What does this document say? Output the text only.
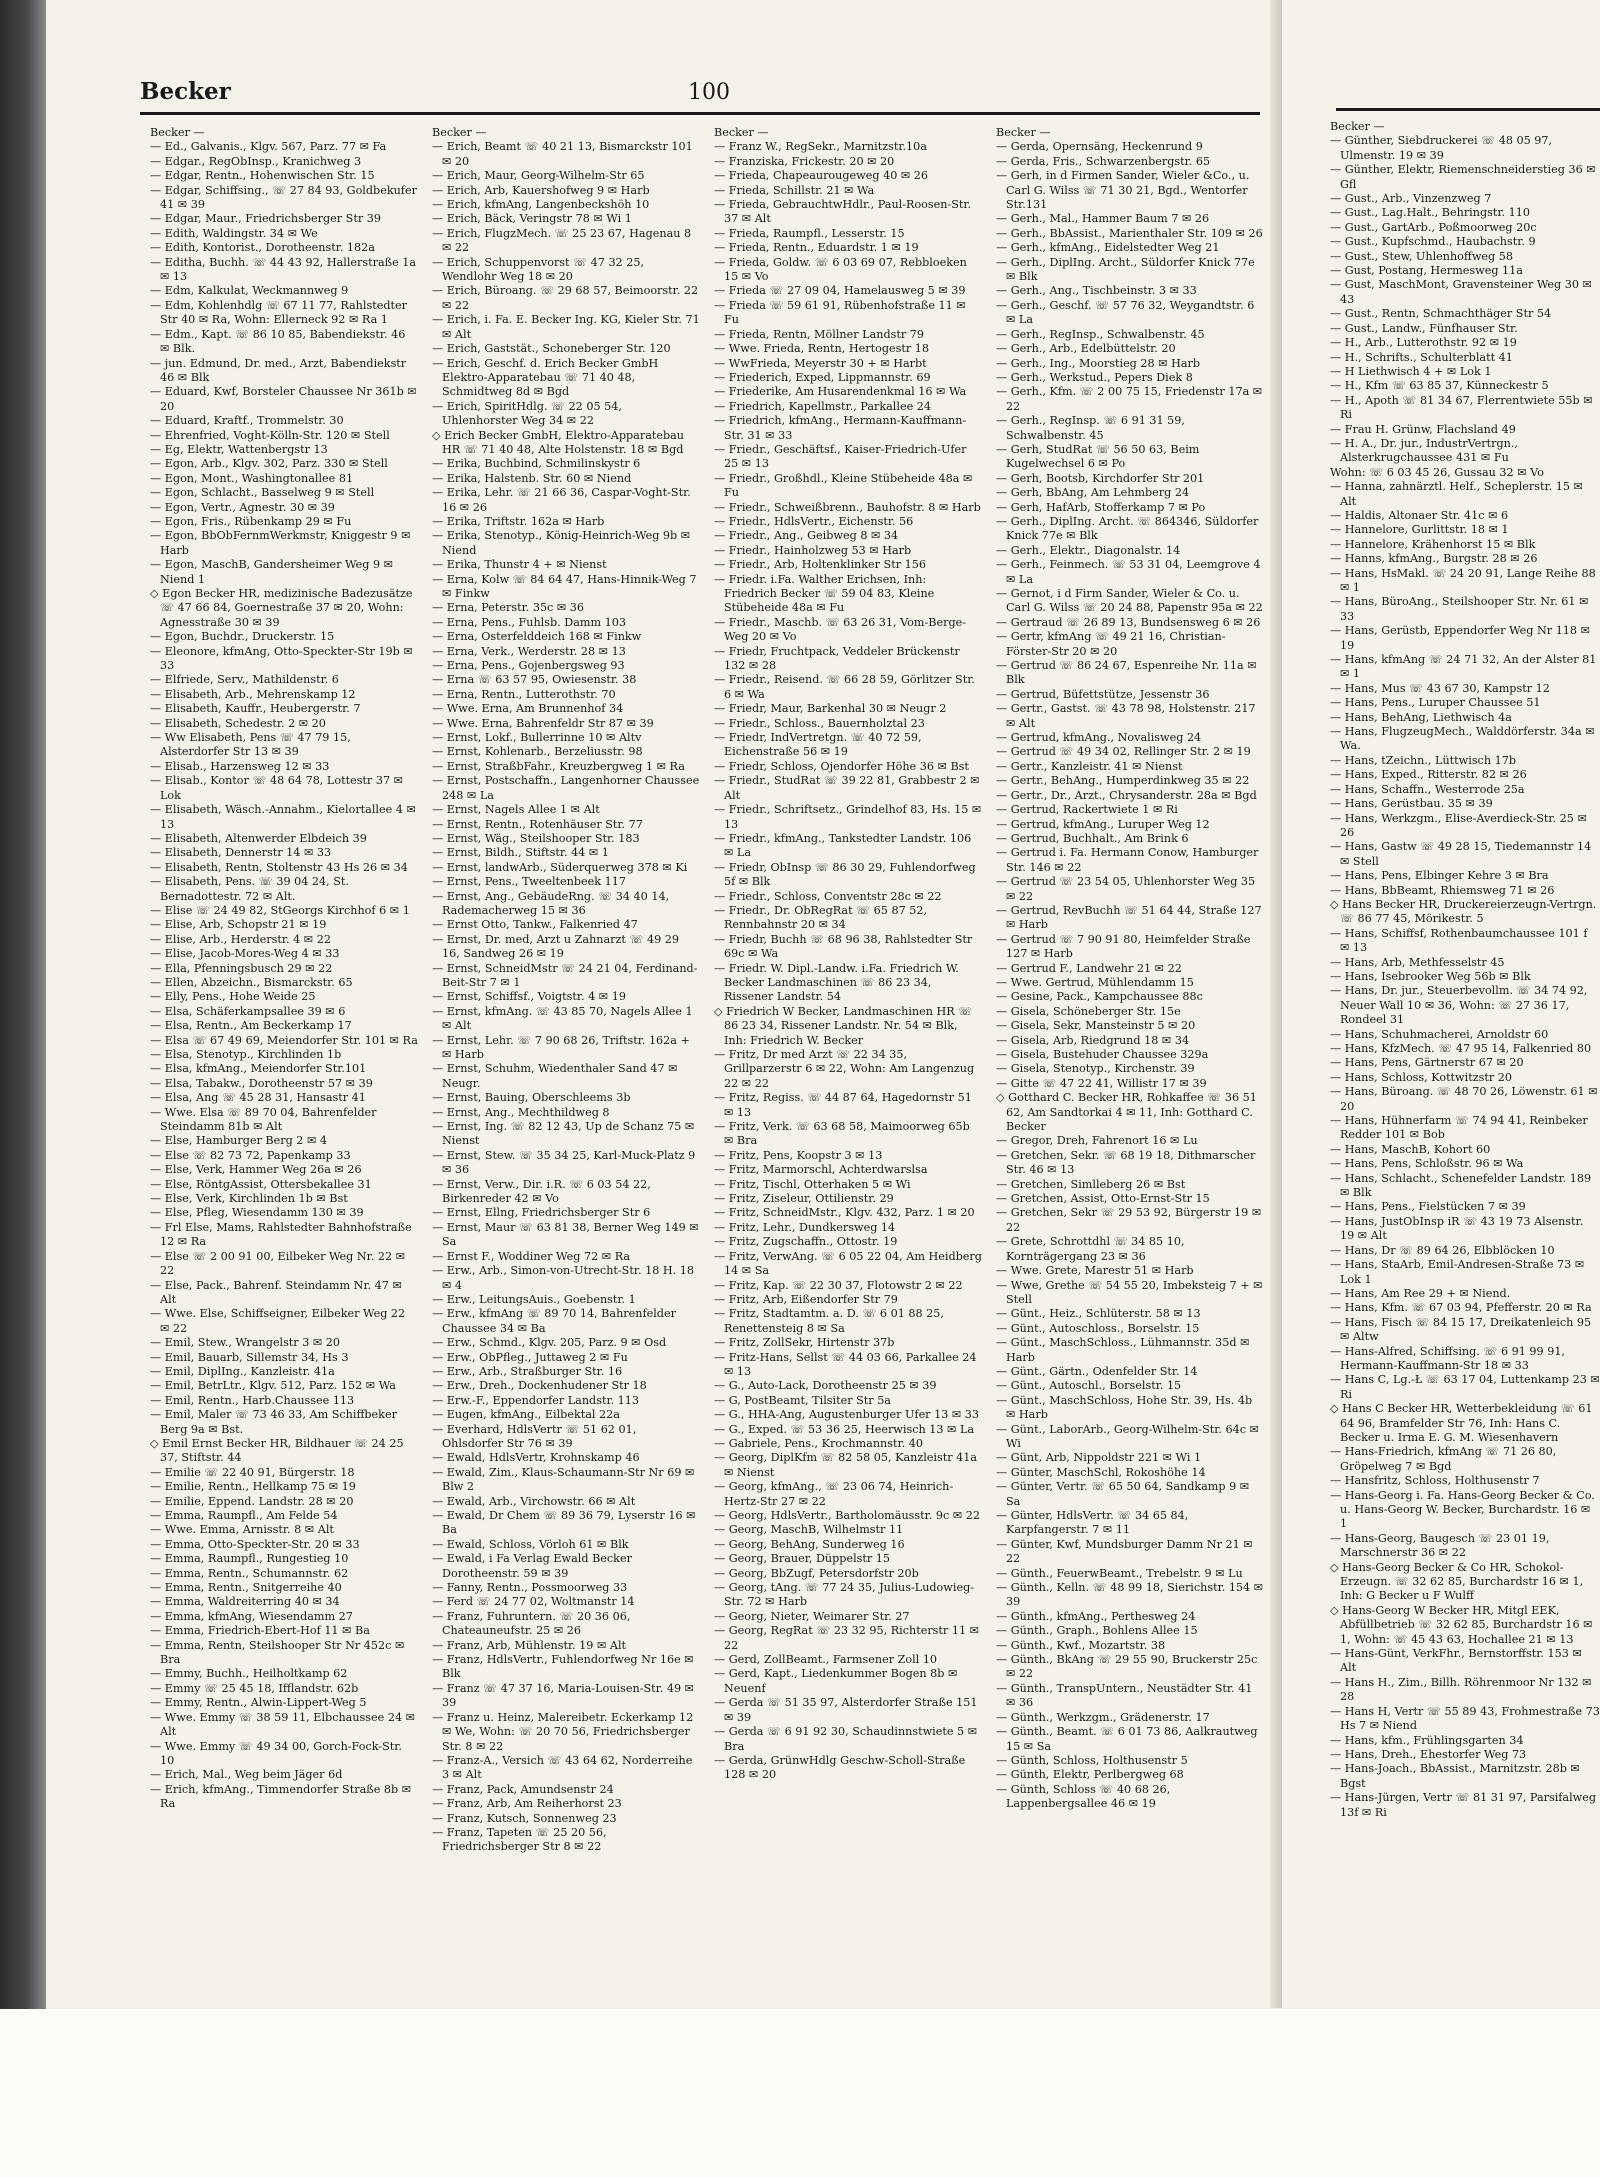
Becker	100
Becker —
— Ed., Galvanis., Klgv. 567, Parz. 77 ✉ Fa
— Edgar., RegObInsp., Kranichweg 3
— Edgar, Rentn., Hohenwischen Str. 15
— Edgar, Schiffsing., ☏ 27 84 93, Goldbekufer 41 ✉ 39
— Edgar, Maur., Friedrichsberger Str 39
— Edith, Waldingstr. 34 ✉ We
— Edith, Kontorist., Dorotheenstr. 182a
— Editha, Buchh. ☏ 44 43 92, Hallerstraße 1a ✉ 13
— Edm, Kalkulat, Weckmannweg 9
— Edm, Kohlenhdlg ☏ 67 11 77, Rahlstedter Str 40 ✉ Ra, Wohn: Ellerneck 92 ✉ Ra 1
— Edm., Kapt. ☏ 86 10 85, Babendiekstr. 46 ✉ Blk.
— jun. Edmund, Dr. med., Arzt, Babendiekstr 46 ✉ Blk
— Eduard, Kwf, Borsteler Chaussee Nr 361b ✉ 20
— Eduard, Kraftf., Trommelstr. 30
— Ehrenfried, Voght-Kölln-Str. 120 ✉ Stell
— Eg, Elektr, Wattenbergstr 13
— Egon, Arb., Klgv. 302, Parz. 330 ✉ Stell
— Egon, Mont., Washingtonallee 81
— Egon, Schlacht., Basselweg 9 ✉ Stell
— Egon, Vertr., Agnestr. 30 ✉ 39
— Egon, Fris., Rübenkamp 29 ✉ Fu
— Egon, BbObFernmWerkmstr, Kniggestr 9 ✉ Harb
— Egon, MaschB, Gandersheimer Weg 9 ✉ Niend 1
◇ Egon Becker HR, medizinische Badezusätze ☏ 47 66 84, Goernestraße 37 ✉ 20, Wohn: Agnesstraße 30 ✉ 39
— Egon, Buchdr., Druckerstr. 15
— Eleonore, kfmAng, Otto-Speckter-Str 19b ✉ 33
— Elfriede, Serv., Mathildenstr. 6
— Elisabeth, Arb., Mehrenskamp 12
— Elisabeth, Kauffr., Heubergerstr. 7
— Elisabeth, Schedestr. 2 ✉ 20
— Ww Elisabeth, Pens ☏ 47 79 15, Alsterdorfer Str 13 ✉ 39
— Elisab., Harzensweg 12 ✉ 33
— Elisab., Kontor ☏ 48 64 78, Lottestr 37 ✉ Lok
— Elisabeth, Wäsch.-Annahm., Kielortallee 4 ✉ 13
— Elisabeth, Altenwerder Elbdeich 39
— Elisabeth, Dennerstr 14 ✉ 33
— Elisabeth, Rentn, Stoltenstr 43 Hs 26 ✉ 34
— Elisabeth, Pens. ☏ 39 04 24, St. Bernadottestr. 72 ✉ Alt.
— Elise ☏ 24 49 82, StGeorgs Kirchhof 6 ✉ 1
— Elise, Arb, Schopstr 21 ✉ 19
— Elise, Arb., Herderstr. 4 ✉ 22
— Elise, Jacob-Mores-Weg 4 ✉ 33
— Ella, Pfenningsbusch 29 ✉ 22
— Ellen, Abzeichn., Bismarckstr. 65
— Elly, Pens., Hohe Weide 25
— Elsa, Schäferkampsallee 39 ✉ 6
— Elsa, Rentn., Am Beckerkamp 17
— Elsa ☏ 67 49 69, Meiendorfer Str. 101 ✉ Ra
— Elsa, Stenotyp., Kirchlinden 1b
— Elsa, kfmAng., Meiendorfer Str.101
— Elsa, Tabakw., Dorotheenstr 57 ✉ 39
— Elsa, Ang ☏ 45 28 31, Hansastr 41
— Wwe. Elsa ☏ 89 70 04, Bahrenfelder Steindamm 81b ✉ Alt
— Else, Hamburger Berg 2 ✉ 4
— Else ☏ 82 73 72, Papenkamp 33
— Else, Verk, Hammer Weg 26a ✉ 26
— Else, RöntgAssist, Ottersbekallee 31
— Else, Verk, Kirchlinden 1b ✉ Bst
— Else, Pfleg, Wiesendamm 130 ✉ 39
— Frl Else, Mams, Rahlstedter Bahnhofstraße 12 ✉ Ra
— Else ☏ 2 00 91 00, Eilbeker Weg Nr. 22 ✉ 22
— Else, Pack., Bahrenf. Steindamm Nr. 47 ✉ Alt
— Wwe. Else, Schiffseigner, Eilbeker Weg 22 ✉ 22
— Emil, Stew., Wrangelstr 3 ✉ 20
— Emil, Bauarb, Sillemstr 34, Hs 3
— Emil, DiplIng., Kanzleistr. 41a
— Emil, BetrLtr., Klgv. 512, Parz. 152 ✉ Wa
— Emil, Rentn., Harb.Chaussee 113
— Emil, Maler ☏ 73 46 33, Am Schiffbeker Berg 9a ✉ Bst.
◇ Emil Ernst Becker HR, Bildhauer ☏ 24 25 37, Stiftstr. 44
— Emilie ☏ 22 40 91, Bürgerstr. 18
— Emilie, Rentn., Hellkamp 75 ✉ 19
— Emilie, Eppend. Landstr. 28 ✉ 20
— Emma, Raumpfl., Am Felde 54
— Wwe. Emma, Arnisstr. 8 ✉ Alt
— Emma, Otto-Speckter-Str. 20 ✉ 33
— Emma, Raumpfl., Rungestieg 10
— Emma, Rentn., Schumannstr. 62
— Emma, Rentn., Snitgerreihe 40
— Emma, Waldreiterring 40 ✉ 34
— Emma, kfmAng, Wiesendamm 27
— Emma, Friedrich-Ebert-Hof 11 ✉ Ba
— Emma, Rentn, Steilshooper Str Nr 452c ✉ Bra
— Emmy, Buchh., Heilholtkamp 62
— Emmy ☏ 25 45 18, Ifflandstr. 62b
— Emmy, Rentn., Alwin-Lippert-Weg 5
— Wwe. Emmy ☏ 38 59 11, Elbchaussee 24 ✉ Alt
— Wwe. Emmy ☏ 49 34 00, Gorch-Fock-Str. 10
— Erich, Mal., Weg beim Jäger 6d
— Erich, kfmAng., Timmendorfer Straße 8b ✉ Ra
Becker —
— Erich, Beamt ☏ 40 21 13, Bismarckstr 101 ✉ 20
— Erich, Maur, Georg-Wilhelm-Str 65
— Erich, Arb, Kauershofweg 9 ✉ Harb
— Erich, kfmAng, Langenbeckshöh 10
— Erich, Bäck, Veringstr 78 ✉ Wi 1
— Erich, FlugzMech. ☏ 25 23 67, Hagenau 8 ✉ 22
— Erich, Schuppenvorst ☏ 47 32 25, Wendlohr Weg 18 ✉ 20
— Erich, Büroang. ☏ 29 68 57, Beimoorstr. 22 ✉ 22
— Erich, i. Fa. E. Becker Ing. KG, Kieler Str. 71 ✉ Alt
— Erich, Gaststät., Schoneberger Str. 120
— Erich, Geschf. d. Erich Becker GmbH Elektro-Apparatebau ☏ 71 40 48, Schmidtweg 8d ✉ Bgd
— Erich, SpiritHdlg. ☏ 22 05 54, Uhlenhorster Weg 34 ✉ 22
◇ Erich Becker GmbH, Elektro-Apparatebau HR ☏ 71 40 48, Alte Holstenstr. 18 ✉ Bgd
— Erika, Buchbind, Schmilinskystr 6
— Erika, Halstenb. Str. 60 ✉ Niend
— Erika, Lehr. ☏ 21 66 36, Caspar-Voght-Str. 16 ✉ 26
— Erika, Triftstr. 162a ✉ Harb
— Erika, Stenotyp., König-Heinrich-Weg 9b ✉ Niend
— Erika, Thunstr 4 + ✉ Nienst
— Erna, Kolw ☏ 84 64 47, Hans-Hinnik-Weg 7 ✉ Finkw
— Erna, Peterstr. 35c ✉ 36
— Erna, Pens., Fuhlsb. Damm 103
— Erna, Osterfelddeich 168 ✉ Finkw
— Erna, Verk., Werderstr. 28 ✉ 13
— Erna, Pens., Gojenbergsweg 93
— Erna ☏ 63 57 95, Owiesenstr. 38
— Erna, Rentn., Lutterothstr. 70
— Wwe. Erna, Am Brunnenhof 34
— Wwe. Erna, Bahrenfeldr Str 87 ✉ 39
— Ernst, Lokf., Bullerrinne 10 ✉ Altv
— Ernst, Kohlenarb., Berzeliusstr. 98
— Ernst, StraßbFahr., Kreuzbergweg 1 ✉ Ra
— Ernst, Postschaffn., Langenhorner Chaussee 248 ✉ La
— Ernst, Nagels Allee 1 ✉ Alt
— Ernst, Rentn., Rotenhäuser Str. 77
— Ernst, Wäg., Steilshooper Str. 183
— Ernst, Bildh., Stiftstr. 44 ✉ 1
— Ernst, landwArb., Süderquerweg 378 ✉ Ki
— Ernst, Pens., Tweeltenbeek 117
— Ernst, Ang., GebäudeRng. ☏ 34 40 14, Rademacherweg 15 ✉ 36
— Ernst Otto, Tankw., Falkenried 47
— Ernst, Dr. med, Arzt u Zahnarzt ☏ 49 29 16, Sandweg 26 ✉ 19
— Ernst, SchneidMstr ☏ 24 21 04, Ferdinand-Beit-Str 7 ✉ 1
— Ernst, Schiffsf., Voigtstr. 4 ✉ 19
— Ernst, kfmAng. ☏ 43 85 70, Nagels Allee 1 ✉ Alt
— Ernst, Lehr. ☏ 7 90 68 26, Triftstr. 162a + ✉ Harb
— Ernst, Schuhm, Wiedenthaler Sand 47 ✉ Neugr.
— Ernst, Bauing, Oberschleems 3b
— Ernst, Ang., Mechthildweg 8
— Ernst, Ing. ☏ 82 12 43, Up de Schanz 75 ✉ Nienst
— Ernst, Stew. ☏ 35 34 25, Karl-Muck-Platz 9 ✉ 36
— Ernst, Verw., Dir. i.R. ☏ 6 03 54 22, Birkenreder 42 ✉ Vo
— Ernst, Ellng, Friedrichsberger Str 6
— Ernst, Maur ☏ 63 81 38, Berner Weg 149 ✉ Sa
— Ernst F., Woddiner Weg 72 ✉ Ra
— Erw., Arb., Simon-von-Utrecht-Str. 18 H. 18 ✉ 4
— Erw., LeitungsAuis., Goebenstr. 1
— Erw., kfmAng ☏ 89 70 14, Bahrenfelder Chaussee 34 ✉ Ba
— Erw., Schmd., Klgv. 205, Parz. 9 ✉ Osd
— Erw., ObPfleg., Juttaweg 2 ✉ Fu
— Erw., Arb., Straßburger Str. 16
— Erw., Dreh., Dockenhudener Str 18
— Erw.-F., Eppendorfer Landstr. 113
— Eugen, kfmAng., Eilbektal 22a
— Everhard, HdlsVertr ☏ 51 62 01, Ohlsdorfer Str 76 ✉ 39
— Ewald, HdlsVertr, Krohnskamp 46
— Ewald, Zim., Klaus-Schaumann-Str Nr 69 ✉ Blw 2
— Ewald, Arb., Virchowstr. 66 ✉ Alt
— Ewald, Dr Chem ☏ 89 36 79, Lyserstr 16 ✉ Ba
— Ewald, Schloss, Vörloh 61 ✉ Blk
— Ewald, i Fa Verlag Ewald Becker Dorotheenstr. 59 ✉ 39
— Fanny, Rentn., Possmoorweg 33
— Ferd ☏ 24 77 02, Woltmanstr 14
— Franz, Fuhruntern. ☏ 20 36 06, Chateauneufstr. 25 ✉ 26
— Franz, Arb, Mühlenstr. 19 ✉ Alt
— Franz, HdlsVertr., Fuhlendorfweg Nr 16e ✉ Blk
— Franz ☏ 47 37 16, Maria-Louisen-Str. 49 ✉ 39
— Franz u. Heinz, Malereibetr. Eckerkamp 12 ✉ We, Wohn: ☏ 20 70 56, Friedrichsberger Str. 8 ✉ 22
— Franz-A., Versich ☏ 43 64 62, Norderreihe 3 ✉ Alt
— Franz, Pack, Amundsenstr 24
— Franz, Arb, Am Reiherhorst 23
— Franz, Kutsch, Sonnenweg 23
— Franz, Tapeten ☏ 25 20 56, Friedrichsberger Str 8 ✉ 22
Becker —
— Franz W., RegSekr., Marnitzstr.10a
— Franziska, Frickestr. 20 ✉ 20
— Frieda, Chapeaurougeweg 40 ✉ 26
— Frieda, Schillstr. 21 ✉ Wa
— Frieda, GebrauchtwHdlr., Paul-Roosen-Str. 37 ✉ Alt
— Frieda, Raumpfl., Lesserstr. 15
— Frieda, Rentn., Eduardstr. 1 ✉ 19
— Frieda, Goldw. ☏ 6 03 69 07, Rebbloeken 15 ✉ Vo
— Frieda ☏ 27 09 04, Hamelausweg 5 ✉ 39
— Frieda ☏ 59 61 91, Rübenhofstraße 11 ✉ Fu
— Frieda, Rentn, Möllner Landstr 79
— Wwe. Frieda, Rentn, Hertogestr 18
— WwFrieda, Meyerstr 30 + ✉ Harbt
— Friederich, Exped, Lippmannstr. 69
— Friederike, Am Husarendenkmal 16 ✉ Wa
— Friedrich, Kapellmstr., Parkallee 24
— Friedrich, kfmAng., Hermann-Kauffmann-Str. 31 ✉ 33
— Friedr., Geschäftsf., Kaiser-Friedrich-Ufer 25 ✉ 13
— Friedr., Großhdl., Kleine Stübeheide 48a ✉ Fu
— Friedr., Schweißbrenn., Bauhofstr. 8 ✉ Harb
— Friedr., HdlsVertr., Eichenstr. 56
— Friedr., Ang., Geibweg 8 ✉ 34
— Friedr., Hainholzweg 53 ✉ Harb
— Friedr., Arb, Holtenklinker Str 156
— Friedr. i.Fa. Walther Erichsen, Inh: Friedrich Becker ☏ 59 04 83, Kleine Stübeheide 48a ✉ Fu
— Friedr., Maschb. ☏ 63 26 31, Vom-Berge-Weg 20 ✉ Vo
— Friedr, Fruchtpack, Veddeler Brückenstr 132 ✉ 28
— Friedr., Reisend. ☏ 66 28 59, Görlitzer Str. 6 ✉ Wa
— Friedr, Maur, Barkenhal 30 ✉ Neugr 2
— Friedr., Schloss., Bauernholztal 23
— Friedr, IndVertretgn. ☏ 40 72 59, Eichenstraße 56 ✉ 19
— Friedr, Schloss, Ojendorfer Höhe 36 ✉ Bst
— Friedr., StudRat ☏ 39 22 81, Grabbestr 2 ✉ Alt
— Friedr., Schriftsetz., Grindelhof 83, Hs. 15 ✉ 13
— Friedr., kfmAng., Tankstedter Landstr. 106 ✉ La
— Friedr, ObInsp ☏ 86 30 29, Fuhlendorfweg 5f ✉ Blk
— Friedr., Schloss, Conventstr 28c ✉ 22
— Friedr., Dr. ObRegRat ☏ 65 87 52, Rennbahnstr 20 ✉ 34
— Friedr, Buchh ☏ 68 96 38, Rahlstedter Str 69c ✉ Wa
— Friedr. W. Dipl.-Landw. i.Fa. Friedrich W. Becker Landmaschinen ☏ 86 23 34, Rissener Landstr. 54
◇ Friedrich W Becker, Landmaschinen HR ☏ 86 23 34, Rissener Landstr. Nr. 54 ✉ Blk, Inh: Friedrich W. Becker
— Fritz, Dr med Arzt ☏ 22 34 35, Grillparzerstr 6 ✉ 22, Wohn: Am Langenzug 22 ✉ 22
— Fritz, Regiss. ☏ 44 87 64, Hagedornstr 51 ✉ 13
— Fritz, Verk. ☏ 63 68 58, Maimoorweg 65b ✉ Bra
— Fritz, Pens, Koopstr 3 ✉ 13
— Fritz, Marmorschl, Achterdwarslsa
— Fritz, Tischl, Otterhaken 5 ✉ Wi
— Fritz, Ziseleur, Ottilienstr. 29
— Fritz, SchneidMstr., Klgv. 432, Parz. 1 ✉ 20
— Fritz, Lehr., Dundkersweg 14
— Fritz, Zugschaffn., Ottostr. 19
— Fritz, VerwAng. ☏ 6 05 22 04, Am Heidberg 14 ✉ Sa
— Fritz, Kap. ☏ 22 30 37, Flotowstr 2 ✉ 22
— Fritz, Arb, Eißendorfer Str 79
— Fritz, Stadtamtm. a. D. ☏ 6 01 88 25, Renettensteig 8 ✉ Sa
— Fritz, ZollSekr, Hirtenstr 37b
— Fritz-Hans, Sellst ☏ 44 03 66, Parkallee 24 ✉ 13
— G., Auto-Lack, Dorotheenstr 25 ✉ 39
— G, PostBeamt, Tilsiter Str 5a
— G., HHA-Ang, Augustenburger Ufer 13 ✉ 33
— G., Exped. ☏ 53 36 25, Heerwisch 13 ✉ La
— Gabriele, Pens., Krochmannstr. 40
— Georg, DiplKfm ☏ 82 58 05, Kanzleistr 41a ✉ Nienst
— Georg, kfmAng., ☏ 23 06 74, Heinrich-Hertz-Str 27 ✉ 22
— Georg, HdlsVertr., Bartholomäusstr. 9c ✉ 22
— Georg, MaschB, Wilhelmstr 11
— Georg, BehAng, Sunderweg 16
— Georg, Brauer, Düppelstr 15
— Georg, BbZugf, Petersdorfstr 20b
— Georg, tAng. ☏ 77 24 35, Julius-Ludowieg-Str. 72 ✉ Harb
— Georg, Nieter, Weimarer Str. 27
— Georg, RegRat ☏ 23 32 95, Richterstr 11 ✉ 22
— Gerd, ZollBeamt., Farmsener Zoll 10
— Gerd, Kapt., Liedenkummer Bogen 8b ✉ Neuenf
— Gerda ☏ 51 35 97, Alsterdorfer Straße 151 ✉ 39
— Gerda ☏ 6 91 92 30, Schaudinnstwiete 5 ✉ Bra
— Gerda, GrünwHdlg Geschw-Scholl-Straße 128 ✉ 20
Becker —
— Gerda, Opernsäng, Heckenrund 9
— Gerda, Fris., Schwarzenbergstr. 65
— Gerh, in d Firmen Sander, Wieler &Co., u. Carl G. Wilss ☏ 71 30 21, Bgd., Wentorfer Str.131
— Gerh., Mal., Hammer Baum 7 ✉ 26
— Gerh., BbAssist., Marienthaler Str. 109 ✉ 26
— Gerh., kfmAng., Eidelstedter Weg 21
— Gerh., DiplIng. Archt., Süldorfer Knick 77e ✉ Blk
— Gerh., Ang., Tischbeinstr. 3 ✉ 33
— Gerh., Geschf. ☏ 57 76 32, Weygandtstr. 6 ✉ La
— Gerh., RegInsp., Schwalbenstr. 45
— Gerh., Arb., Edelbüttelstr. 20
— Gerh., Ing., Moorstieg 28 ✉ Harb
— Gerh., Werkstud., Pepers Diek 8
— Gerh., Kfm. ☏ 2 00 75 15, Friedenstr 17a ✉ 22
— Gerh., RegInsp. ☏ 6 91 31 59, Schwalbenstr. 45
— Gerh, StudRat ☏ 56 50 63, Beim Kugelwechsel 6 ✉ Po
— Gerh, Bootsb, Kirchdorfer Str 201
— Gerh, BbAng, Am Lehmberg 24
— Gerh, HafArb, Stofferkamp 7 ✉ Po
— Gerh., DiplIng. Archt. ☏ 864346, Süldorfer Knick 77e ✉ Blk
— Gerh., Elektr., Diagonalstr. 14
— Gerh., Feinmech. ☏ 53 31 04, Leemgrove 4 ✉ La
— Gernot, i d Firm Sander, Wieler & Co. u. Carl G. Wilss ☏ 20 24 88, Papenstr 95a ✉ 22
— Gertraud ☏ 26 89 13, Bundsensweg 6 ✉ 26
— Gertr, kfmAng ☏ 49 21 16, Christian-Förster-Str 20 ✉ 20
— Gertrud ☏ 86 24 67, Espenreihe Nr. 11a ✉ Blk
— Gertrud, Büfettstütze, Jessenstr 36
— Gertr., Gastst. ☏ 43 78 98, Holstenstr. 217 ✉ Alt
— Gertrud, kfmAng., Novalisweg 24
— Gertrud ☏ 49 34 02, Rellinger Str. 2 ✉ 19
— Gertr., Kanzleistr. 41 ✉ Nienst
— Gertr., BehAng., Humperdinkweg 35 ✉ 22
— Gertr., Dr., Arzt., Chrysanderstr. 28a ✉ Bgd
— Gertrud, Rackertwiete 1 ✉ Ri
— Gertrud, kfmAng., Luruper Weg 12
— Gertrud, Buchhalt., Am Brink 6
— Gertrud i. Fa. Hermann Conow, Hamburger Str. 146 ✉ 22
— Gertrud ☏ 23 54 05, Uhlenhorster Weg 35 ✉ 22
— Gertrud, RevBuchh ☏ 51 64 44, Straße 127 ✉ Harb
— Gertrud ☏ 7 90 91 80, Heimfelder Straße 127 ✉ Harb
— Gertrud F., Landwehr 21 ✉ 22
— Wwe. Gertrud, Mühlendamm 15
— Gesine, Pack., Kampchaussee 88c
— Gisela, Schöneberger Str. 15e
— Gisela, Sekr, Mansteinstr 5 ✉ 20
— Gisela, Arb, Riedgrund 18 ✉ 34
— Gisela, Bustehuder Chaussee 329a
— Gisela, Stenotyp., Kirchenstr. 39
— Gitte ☏ 47 22 41, Willistr 17 ✉ 39
◇ Gotthard C. Becker HR, Rohkaffee ☏ 36 51 62, Am Sandtorkai 4 ✉ 11, Inh: Gotthard C. Becker
— Gregor, Dreh, Fahrenort 16 ✉ Lu
— Gretchen, Sekr. ☏ 68 19 18, Dithmarscher Str. 46 ✉ 13
— Gretchen, Simlleberg 26 ✉ Bst
— Gretchen, Assist, Otto-Ernst-Str 15
— Gretchen, Sekr ☏ 29 53 92, Bürgerstr 19 ✉ 22
— Grete, Schrottdhl ☏ 34 85 10, Kornträgergang 23 ✉ 36
— Wwe. Grete, Marestr 51 ✉ Harb
— Wwe, Grethe ☏ 54 55 20, Imbeksteig 7 + ✉ Stell
— Günt., Heiz., Schlüterstr. 58 ✉ 13
— Günt., Autoschloss., Borselstr. 15
— Günt., MaschSchloss., Lühmannstr. 35d ✉ Harb
— Günt., Gärtn., Odenfelder Str. 14
— Günt., Autoschl., Borselstr. 15
— Günt., MaschSchloss, Hohe Str. 39, Hs. 4b ✉ Harb
— Günt., LaborArb., Georg-Wilhelm-Str. 64c ✉ Wi
— Günt, Arb, Nippoldstr 221 ✉ Wi 1
— Günter, MaschSchl, Rokoshöhe 14
— Günter, Vertr. ☏ 65 50 64, Sandkamp 9 ✉ Sa
— Günter, HdlsVertr. ☏ 34 65 84, Karpfangerstr. 7 ✉ 11
— Günter, Kwf, Mundsburger Damm Nr 21 ✉ 22
— Günth., FeuerwBeamt., Trebelstr. 9 ✉ Lu
— Günth., Kelln. ☏ 48 99 18, Sierichstr. 154 ✉ 39
— Günth., kfmAng., Perthesweg 24
— Günth., Graph., Bohlens Allee 15
— Günth., Kwf., Mozartstr. 38
— Günth., BkAng ☏ 29 55 90, Bruckerstr 25c ✉ 22
— Günth., TranspUntern., Neustädter Str. 41 ✉ 36
— Günth., Werkzgm., Grädenerstr. 17
— Günth., Beamt. ☏ 6 01 73 86, Aalkrautweg 15 ✉ Sa
— Günth, Schloss, Holthusenstr 5
— Günth, Elektr, Perlbergweg 68
— Günth, Schloss ☏ 40 68 26, Lappenbergsallee 46 ✉ 19
Becker —
— Günther, Siebdruckerei ☏ 48 05 97, Ulmenstr. 19 ✉ 39
— Günther, Elektr, Riemenschneiderstieg 36 ✉ Gfl
— Gust., Arb., Vinzenzweg 7
— Gust., Lag.Halt., Behringstr. 110
— Gust., GartArb., Poßmoorweg 20c
— Gust., Kupfschmd., Haubachstr. 9
— Gust., Stew, Uhlenhoffweg 58
— Gust, Postang, Hermesweg 11a
— Gust, MaschMont, Gravensteiner Weg 30 ✉ 43
— Gust., Rentn, Schmachthäger Str 54
— Gust., Landw., Fünfhauser Str.
— H., Arb., Lutterothstr. 92 ✉ 19
— H., Schrifts., Schulterblatt 41
— H Liethwisch 4 + ✉ Lok 1
— H., Kfm ☏ 63 85 37, Künneckestr 5
— H., Apoth ☏ 81 34 67, Flerrentwiete 55b ✉ Ri
— Frau H. Grünw, Flachsland 49
— H. A., Dr. jur., IndustrVertrgn., Alsterkrugchaussee 431 ✉ Fu
Wohn: ☏ 6 03 45 26, Gussau 32 ✉ Vo
— Hanna, zahnärztl. Helf., Scheplerstr. 15 ✉ Alt
— Haldis, Altonaer Str. 41c ✉ 6
— Hannelore, Gurlittstr. 18 ✉ 1
— Hannelore, Krähenhorst 15 ✉ Blk
— Hanns, kfmAng., Burgstr. 28 ✉ 26
— Hans, HsMakl. ☏ 24 20 91, Lange Reihe 88 ✉ 1
— Hans, BüroAng., Steilshooper Str. Nr. 61 ✉ 33
— Hans, Gerüstb, Eppendorfer Weg Nr 118 ✉ 19
— Hans, kfmAng ☏ 24 71 32, An der Alster 81 ✉ 1
— Hans, Mus ☏ 43 67 30, Kampstr 12
— Hans, Pens., Luruper Chaussee 51
— Hans, BehAng, Liethwisch 4a
— Hans, FlugzeugMech., Walddörferstr. 34a ✉ Wa.
— Hans, tZeichn., Lüttwisch 17b
— Hans, Exped., Ritterstr. 82 ✉ 26
— Hans, Schaffn., Westerrode 25a
— Hans, Gerüstbau. 35 ✉ 39
— Hans, Werkzgm., Elise-Averdieck-Str. 25 ✉ 26
— Hans, Gastw ☏ 49 28 15, Tiedemannstr 14 ✉ Stell
— Hans, Pens, Elbinger Kehre 3 ✉ Bra
— Hans, BbBeamt, Rhiemsweg 71 ✉ 26
◇ Hans Becker HR, Druckereierzeugn-Vertrgn. ☏ 86 77 45, Mörikestr. 5
— Hans, Schiffsf, Rothenbaumchaussee 101 f ✉ 13
— Hans, Arb, Methfesselstr 45
— Hans, Isebrooker Weg 56b ✉ Blk
— Hans, Dr. jur., Steuerbevollm. ☏ 34 74 92, Neuer Wall 10 ✉ 36, Wohn: ☏ 27 36 17, Rondeel 31
— Hans, Schuhmacherei, Arnoldstr 60
— Hans, KfzMech. ☏ 47 95 14, Falkenried 80
— Hans, Pens, Gärtnerstr 67 ✉ 20
— Hans, Schloss, Kottwitzstr 20
— Hans, Büroang. ☏ 48 70 26, Löwenstr. 61 ✉ 20
— Hans, Hühnerfarm ☏ 74 94 41, Reinbeker Redder 101 ✉ Bob
— Hans, MaschB, Kohort 60
— Hans, Pens, Schloßstr. 96 ✉ Wa
— Hans, Schlacht., Schenefelder Landstr. 189 ✉ Blk
— Hans, Pens., Fielstücken 7 ✉ 39
— Hans, JustObInsp iR ☏ 43 19 73 Alsenstr. 19 ✉ Alt
— Hans, Dr ☏ 89 64 26, Elbblöcken 10
— Hans, StaArb, Emil-Andresen-Straße 73 ✉ Lok 1
— Hans, Am Ree 29 + ✉ Niend.
— Hans, Kfm. ☏ 67 03 94, Pfefferstr. 20 ✉ Ra
— Hans, Fisch ☏ 84 15 17, Dreikatenleich 95 ✉ Altw
— Hans-Alfred, Schiffsing. ☏ 6 91 99 91, Hermann-Kauffmann-Str 18 ✉ 33
— Hans C, Lg.-Ł ☏ 63 17 04, Luttenkamp 23 ✉ Ri
◇ Hans C Becker HR, Wetterbekleidung ☏ 61 64 96, Bramfelder Str 76, Inh: Hans C. Becker u. Irma E. G. M. Wiesenhavern
— Hans-Friedrich, kfmAng ☏ 71 26 80, Gröpelweg 7 ✉ Bgd
— Hansfritz, Schloss, Holthusenstr 7
— Hans-Georg i. Fa. Hans-Georg Becker & Co. u. Hans-Georg W. Becker, Burchardstr. 16 ✉ 1
— Hans-Georg, Baugesch ☏ 23 01 19, Marschnerstr 36 ✉ 22
◇ Hans-Georg Becker & Co HR, Schokol-Erzeugn. ☏ 32 62 85, Burchardstr 16 ✉ 1, Inh: G Becker u F Wulff
◇ Hans-Georg W Becker HR, Mitgl EEK, Abfüllbetrieb ☏ 32 62 85, Burchardstr 16 ✉ 1, Wohn: ☏ 45 43 63, Hochallee 21 ✉ 13
— Hans-Günt, VerkFhr., Bernstorffstr. 153 ✉ Alt
— Hans H., Zim., Billh. Röhrenmoor Nr 132 ✉ 28
— Hans H, Vertr ☏ 55 89 43, Frohmestraße 73 Hs 7 ✉ Niend
— Hans, kfm., Frühlingsgarten 34
— Hans, Dreh., Ehestorfer Weg 73
— Hans-Joach., BbAssist., Marnitzstr. 28b ✉ Bgst
— Hans-Jürgen, Vertr ☏ 81 31 97, Parsifalweg 13f ✉ Ri
